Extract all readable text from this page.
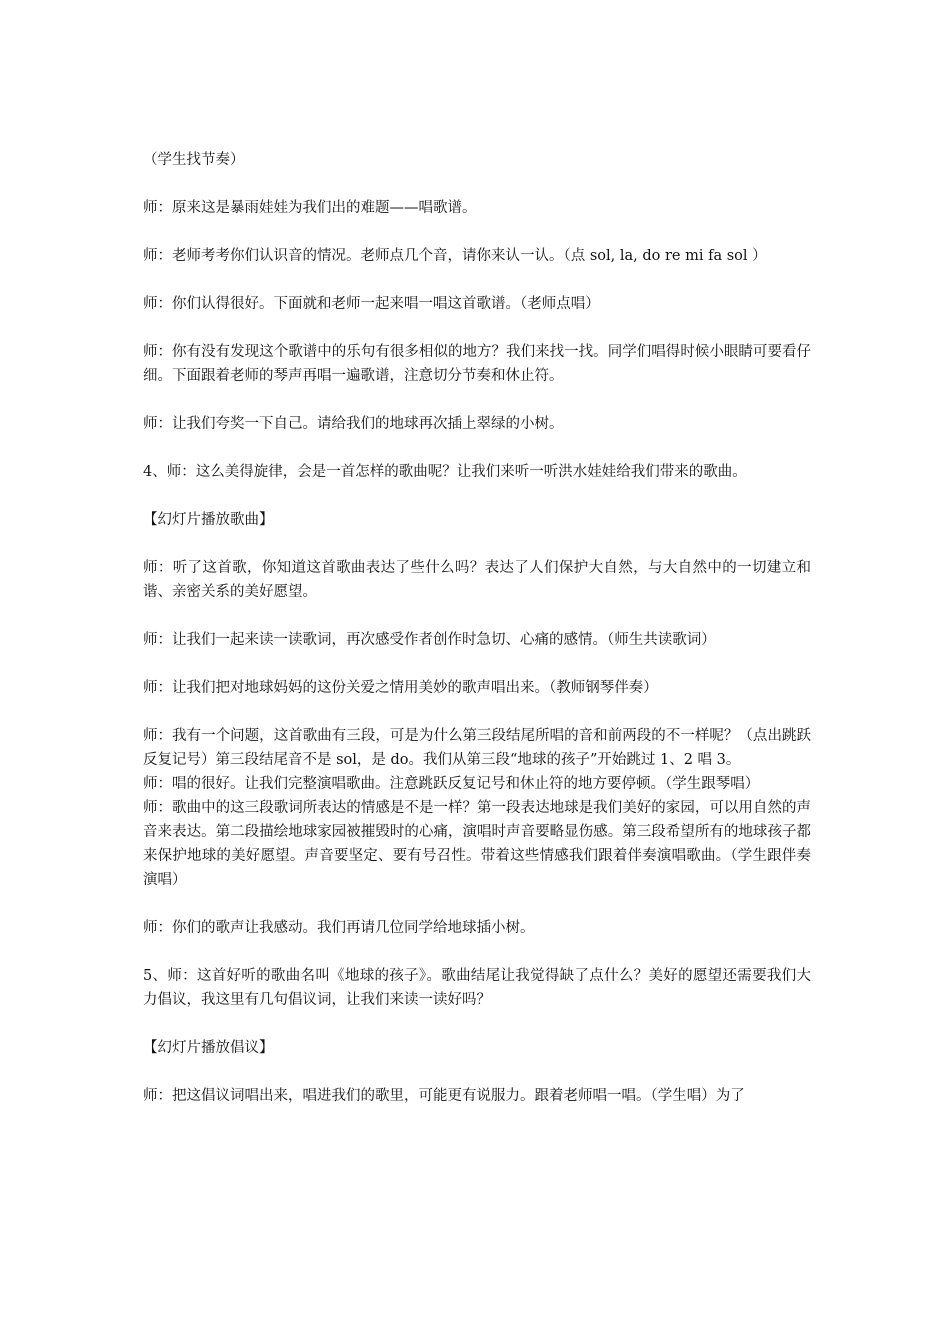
（学生找节奏）

师：原来这是暴雨娃娃为我们出的难题——唱歌谱。

师：老师考考你们认识音的情况。老师点几个音，请你来认一认。（点 sol, la, do re mi fa sol ）

师：你们认得很好。下面就和老师一起来唱一唱这首歌谱。（老师点唱）

师：你有没有发现这个歌谱中的乐句有很多相似的地方？我们来找一找。同学们唱得时候小眼睛可要看仔细。下面跟着老师的琴声再唱一遍歌谱，注意切分节奏和休止符。

师：让我们夸奖一下自己。请给我们的地球再次插上翠绿的小树。

4、师：这么美得旋律，会是一首怎样的歌曲呢？让我们来听一听洪水娃娃给我们带来的歌曲。

【幻灯片播放歌曲】

师：听了这首歌，你知道这首歌曲表达了些什么吗？表达了人们保护大自然，与大自然中的一切建立和谐、亲密关系的美好愿望。

师：让我们一起来读一读歌词，再次感受作者创作时急切、心痛的感情。（师生共读歌词）

师：让我们把对地球妈妈的这份关爱之情用美妙的歌声唱出来。（教师钢琴伴奏）

师：我有一个问题，这首歌曲有三段，可是为什么第三段结尾所唱的音和前两段的不一样呢？（点出跳跃反复记号）第三段结尾音不是 sol，是 do。我们从第三段“地球的孩子”开始跳过 1、2 唱 3。

师：唱的很好。让我们完整演唱歌曲。注意跳跃反复记号和休止符的地方要停顿。（学生跟琴唱）

师：歌曲中的这三段歌词所表达的情感是不是一样？第一段表达地球是我们美好的家园，可以用自然的声音来表达。第二段描绘地球家园被摧毁时的心痛，演唱时声音要略显伤感。第三段希望所有的地球孩子都来保护地球的美好愿望。声音要坚定、要有号召性。带着这些情感我们跟着伴奏演唱歌曲。（学生跟伴奏演唱）

师：你们的歌声让我感动。我们再请几位同学给地球插小树。

5、师：这首好听的歌曲名叫《地球的孩子》。歌曲结尾让我觉得缺了点什么？美好的愿望还需要我们大力倡议，我这里有几句倡议词，让我们来读一读好吗？

【幻灯片播放倡议】

师：把这倡议词唱出来，唱进我们的歌里，可能更有说服力。跟着老师唱一唱。（学生唱）为了
